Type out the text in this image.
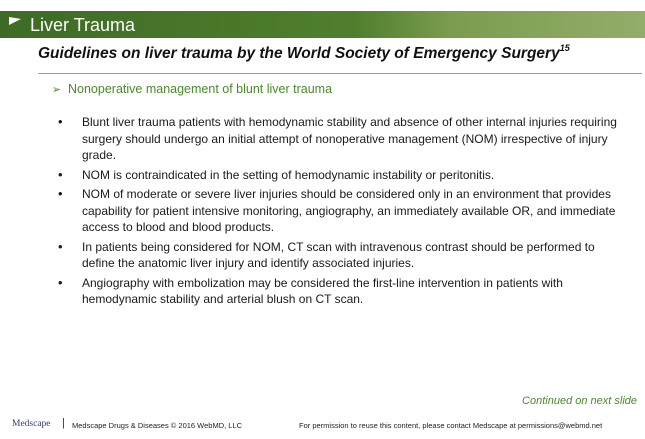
Liver Trauma
Guidelines on liver trauma by the World Society of Emergency Surgery$^{15}$
➢ Nonoperative management of blunt liver trauma
• Blunt liver trauma patients with hemodynamic stability and absence of other internal injuries requiring surgery should undergo an initial attempt of nonoperative management (NOM) irrespective of injury grade.
• NOM is contraindicated in the setting of hemodynamic instability or peritonitis.
• NOM of moderate or severe liver injuries should be considered only in an environment that provides capability for patient intensive monitoring, angiography, an immediately available OR, and immediate access to blood and blood products.
• In patients being considered for NOM, CT scan with intravenous contrast should be performed to define the anatomic liver injury and identify associated injuries.
• Angiography with embolization may be considered the first-line intervention in patients with hemodynamic stability and arterial blush on CT scan.
Continued on next slide
Medscape | Medscape Drugs & Diseases © 2016 WebMD, LLC	For permission to reuse this content, please contact Medscape at permissions@webmd.net
